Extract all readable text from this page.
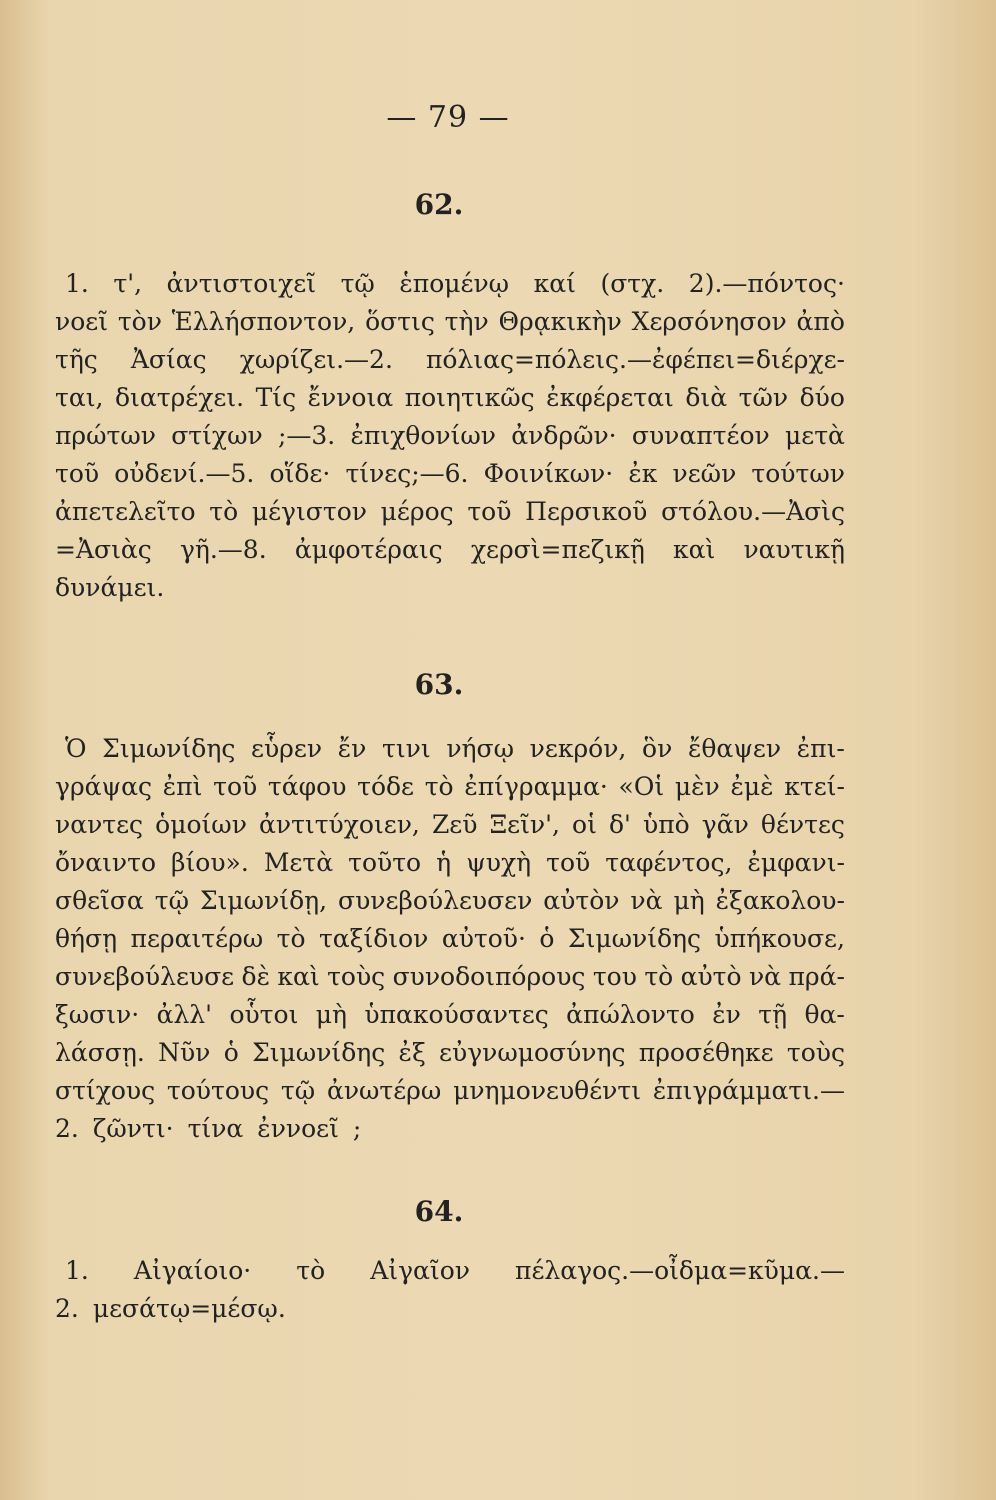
— 79 —
62.
1. τ', ἀντιστοιχεῖ τῷ ἑπομένῳ καί (στχ. 2).—πόντος·
νοεῖ τὸν Ἑλλήσποντον, ὅστις τὴν Θρᾳκικὴν Χερσόνησον ἀπὸ
τῆς Ἀσίας χωρίζει.—2. πόλιας=πόλεις.—ἐφέπει=διέρχε-
ται, διατρέχει. Τίς ἔννοια ποιητικῶς ἐκφέρεται διὰ τῶν δύο
πρώτων στίχων ;—3. ἐπιχθονίων ἀνδρῶν· συναπτέον μετὰ
τοῦ οὐδενί.—5. οἵδε· τίνες;—6. Φοινίκων· ἐκ νεῶν τούτων
ἀπετελεῖτο τὸ μέγιστον μέρος τοῦ Περσικοῦ στόλου.—Ἀσὶς
=Ἀσιὰς γῆ.—8. ἀμφοτέραις χερσὶ=πεζικῇ καὶ ναυτικῇ
δυνάμει.
63.
Ὁ Σιμωνίδης εὗρεν ἔν τινι νήσῳ νεκρόν, ὃν ἔθαψεν ἐπι-
γράψας ἐπὶ τοῦ τάφου τόδε τὸ ἐπίγραμμα· «Οἱ μὲν ἐμὲ κτεί-
ναντες ὁμοίων ἀντιτύχοιεν, Ζεῦ Ξεῖν', οἱ δ' ὑπὸ γᾶν θέντες
ὄναιντο βίου». Μετὰ τοῦτο ἡ ψυχὴ τοῦ ταφέντος, ἐμφανι-
σθεῖσα τῷ Σιμωνίδῃ, συνεβούλευσεν αὐτὸν νὰ μὴ ἐξακολου-
θήσῃ περαιτέρω τὸ ταξίδιον αὐτοῦ· ὁ Σιμωνίδης ὑπήκουσε,
συνεβούλευσε δὲ καὶ τοὺς συνοδοιπόρους του τὸ αὐτὸ νὰ πρά-
ξωσιν· ἀλλ' οὗτοι μὴ ὑπακούσαντες ἀπώλοντο ἐν τῇ θα-
λάσσῃ. Νῦν ὁ Σιμωνίδης ἐξ εὐγνωμοσύνης προσέθηκε τοὺς
στίχους τούτους τῷ ἀνωτέρω μνημονευθέντι ἐπιγράμματι.—
2. ζῶντι· τίνα ἐννοεῖ ;
64.
1. Αἰγαίοιο· τὸ Αἰγαῖον πέλαγος.—οἶδμα=κῦμα.—
2. μεσάτῳ=μέσῳ.
